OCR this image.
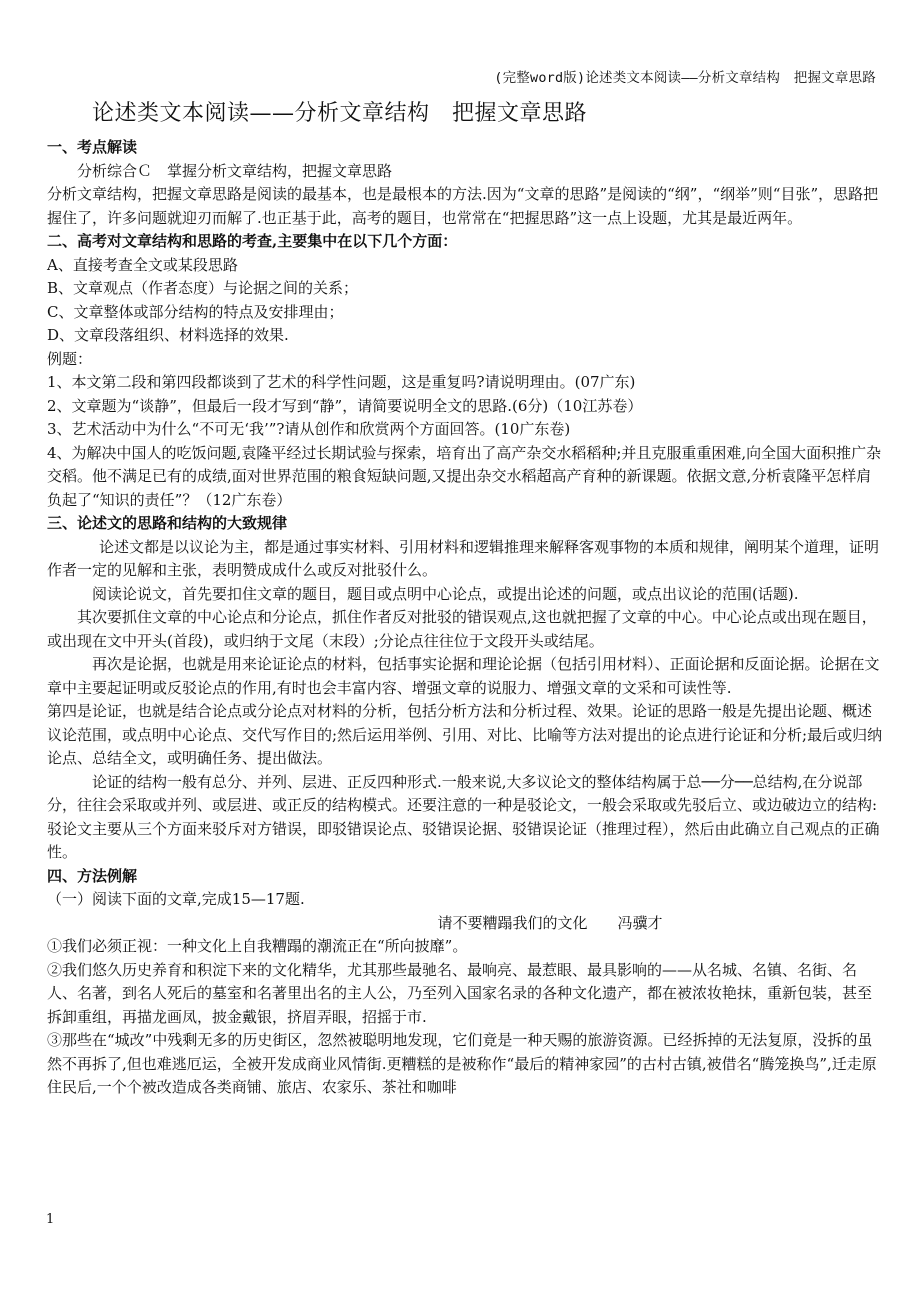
(完整word版)论述类文本阅读——分析文章结构　把握文章思路
论述类文本阅读——分析文章结构　把握文章思路

一、考点解读

分析综合Ｃ　掌握分析文章结构，把握文章思路

分析文章结构，把握文章思路是阅读的最基本，也是最根本的方法.因为“文章的思路”是阅读的“纲”，“纲举”则“目张”，思路把握住了，许多问题就迎刃而解了.也正基于此，高考的题目，也常常在“把握思路”这一点上设题，尤其是最近两年。

二、高考对文章结构和思路的考查,主要集中在以下几个方面：

A、直接考查全文或某段思路

B、文章观点（作者态度）与论据之间的关系；

C、文章整体或部分结构的特点及安排理由；

D、文章段落组织、材料选择的效果.

例题：

1、本文第二段和第四段都谈到了艺术的科学性问题，这是重复吗?请说明理由。(07广东)

2、文章题为“谈静”，但最后一段才写到“静”，请简要说明全文的思路.(6分)（10江苏卷）

3、艺术活动中为什么“不可无‘我’”?请从创作和欣赏两个方面回答。(10广东卷)

4、为解决中国人的吃饭问题,袁隆平经过长期试验与探索，培育出了高产杂交水稻稻种;并且克服重重困难,向全国大面积推广杂交稻。他不满足已有的成绩,面对世界范围的粮食短缺问题,又提出杂交水稻超高产育种的新课题。依据文意,分析袁隆平怎样肩负起了“知识的责任”？（12广东卷）

三、论述文的思路和结构的大致规律

论述文都是以议论为主，都是通过事实材料、引用材料和逻辑推理来解释客观事物的本质和规律，阐明某个道理，证明作者一定的见解和主张，表明赞成成什么或反对批驳什么。

阅读论说文，首先要扣住文章的题目，题目或点明中心论点，或提出论述的问题，或点出议论的范围(话题).

其次要抓住文章的中心论点和分论点，抓住作者反对批驳的错误观点,这也就把握了文章的中心。中心论点或出现在题目，或出现在文中开头(首段)，或归纳于文尾（末段）;分论点往往位于文段开头或结尾。

再次是论据，也就是用来论证论点的材料，包括事实论据和理论论据（包括引用材料）、正面论据和反面论据。论据在文章中主要起证明或反驳论点的作用,有时也会丰富内容、增强文章的说服力、增强文章的文采和可读性等.

第四是论证，也就是结合论点或分论点对材料的分析，包括分析方法和分析过程、效果。论证的思路一般是先提出论题、概述议论范围，或点明中心论点、交代写作目的;然后运用举例、引用、对比、比喻等方法对提出的论点进行论证和分析;最后或归纳论点、总结全文，或明确任务、提出做法。

论证的结构一般有总分、并列、层进、正反四种形式.一般来说,大多议论文的整体结构属于总──分──总结构,在分说部分，往往会采取或并列、或层进、或正反的结构模式。还要注意的一种是驳论文，一般会采取或先驳后立、或边破边立的结构:驳论文主要从三个方面来驳斥对方错误，即驳错误论点、驳错误论据、驳错误论证（推理过程），然后由此确立自己观点的正确性。

四、方法例解

（一）阅读下面的文章,完成15—17题.

请不要糟蹋我们的文化　　冯骥才

①我们必须正视：一种文化上自我糟蹋的潮流正在“所向披靡”。

②我们悠久历史养育和积淀下来的文化精华，尤其那些最驰名、最响亮、最惹眼、最具影响的——从名城、名镇、名街、名人、名著，到名人死后的墓室和名著里出名的主人公，乃至列入国家名录的各种文化遗产，都在被浓妆艳抹，重新包装，甚至拆卸重组，再描龙画凤，披金戴银，挤眉弄眼，招摇于市.

③那些在“城改”中残剩无多的历史街区，忽然被聪明地发现，它们竟是一种天赐的旅游资源。已经拆掉的无法复原，没拆的虽然不再拆了,但也难逃厄运，全被开发成商业风情街.更糟糕的是被称作“最后的精神家园”的古村古镇,被借名“腾笼换鸟”,迁走原住民后,一个个被改造成各类商铺、旅店、农家乐、茶社和咖啡

1
